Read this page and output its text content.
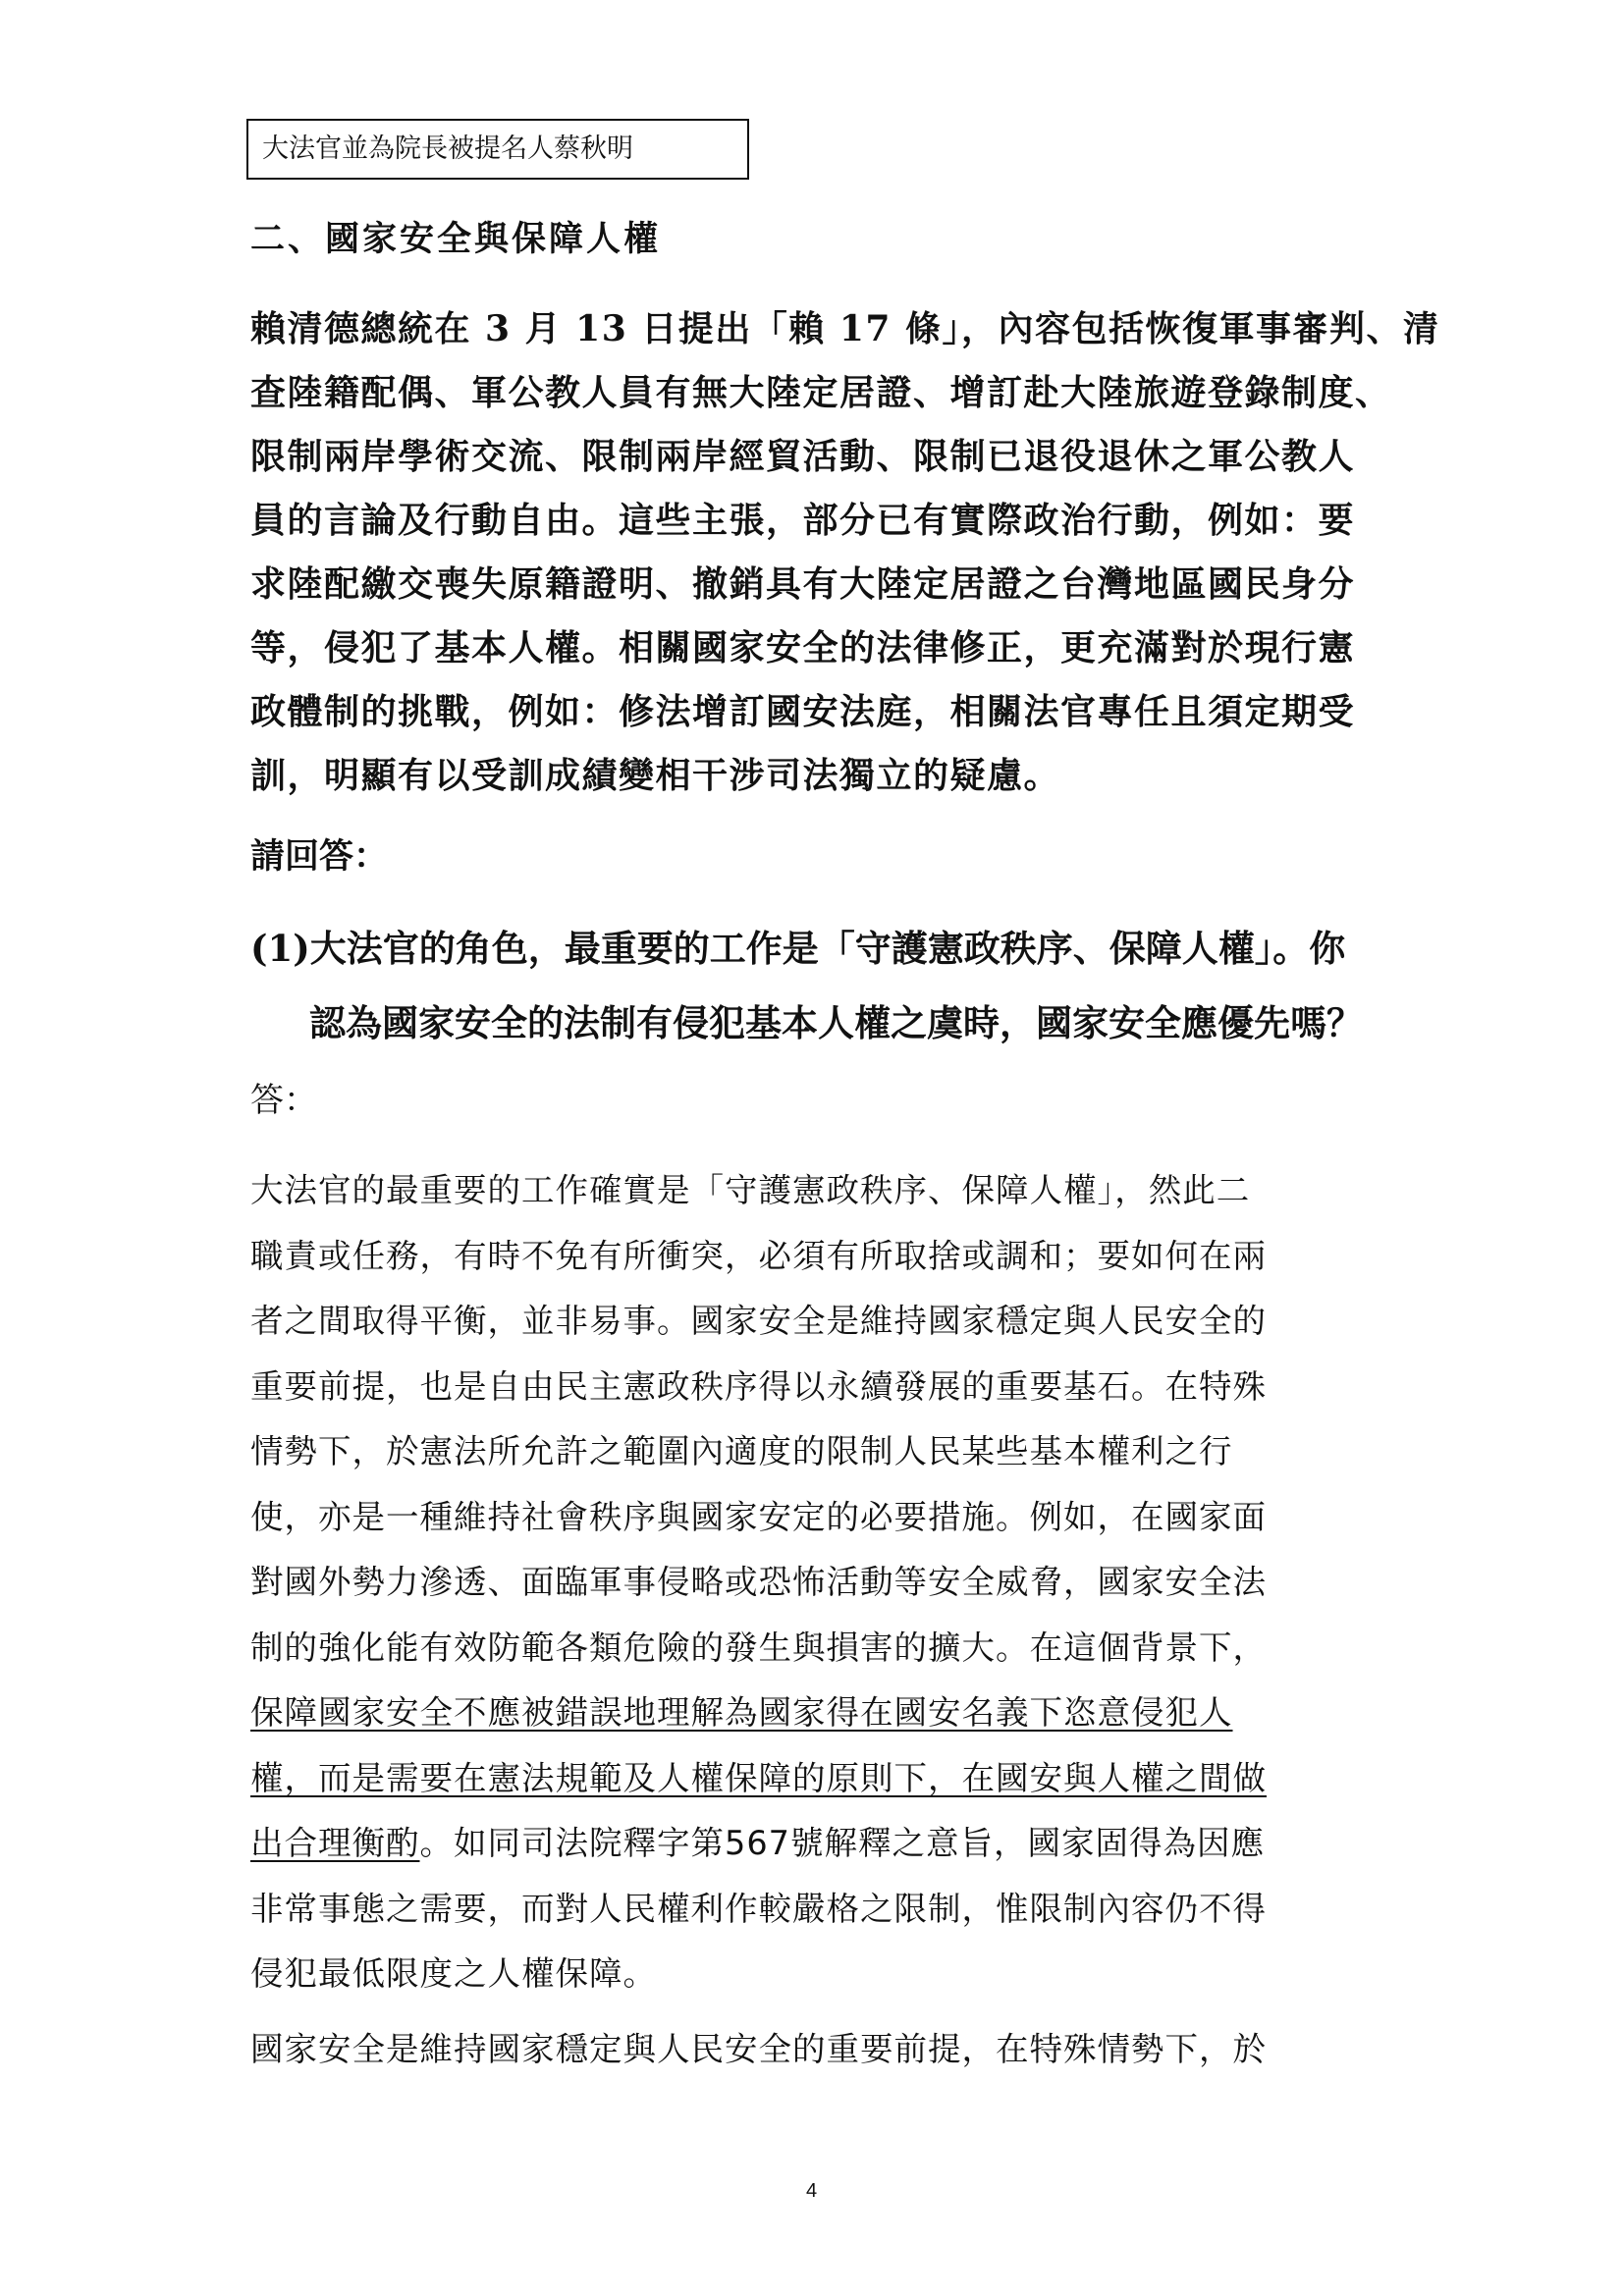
大法官並為院長被提名人蔡秋明
二、國家安全與保障人權
賴清德總統在 3 月 13 日提出「賴 17 條」，內容包括恢復軍事審判、清
查陸籍配偶、軍公教人員有無大陸定居證、增訂赴大陸旅遊登錄制度、
限制兩岸學術交流、限制兩岸經貿活動、限制已退役退休之軍公教人
員的言論及行動自由。這些主張，部分已有實際政治行動，例如：要
求陸配繳交喪失原籍證明、撤銷具有大陸定居證之台灣地區國民身分
等，侵犯了基本人權。相關國家安全的法律修正，更充滿對於現行憲
政體制的挑戰，例如：修法增訂國安法庭，相關法官專任且須定期受
訓，明顯有以受訓成績變相干涉司法獨立的疑慮。
請回答：
(1)大法官的角色，最重要的工作是「守護憲政秩序、保障人權」。你
認為國家安全的法制有侵犯基本人權之虞時，國家安全應優先嗎？
答：
大法官的最重要的工作確實是「守護憲政秩序、保障人權」，然此二
職責或任務，有時不免有所衝突，必須有所取捨或調和；要如何在兩
者之間取得平衡，並非易事。國家安全是維持國家穩定與人民安全的
重要前提，也是自由民主憲政秩序得以永續發展的重要基石。在特殊
情勢下，於憲法所允許之範圍內適度的限制人民某些基本權利之行
使，亦是一種維持社會秩序與國家安定的必要措施。例如，在國家面
對國外勢力滲透、面臨軍事侵略或恐怖活動等安全威脅，國家安全法
制的強化能有效防範各類危險的發生與損害的擴大。在這個背景下，
保障國家安全不應被錯誤地理解為國家得在國安名義下恣意侵犯人
權，而是需要在憲法規範及人權保障的原則下，在國安與人權之間做
出合理衡酌。如同司法院釋字第567號解釋之意旨，國家固得為因應
非常事態之需要，而對人民權利作較嚴格之限制，惟限制內容仍不得
侵犯最低限度之人權保障。
國家安全是維持國家穩定與人民安全的重要前提，在特殊情勢下，於
4
